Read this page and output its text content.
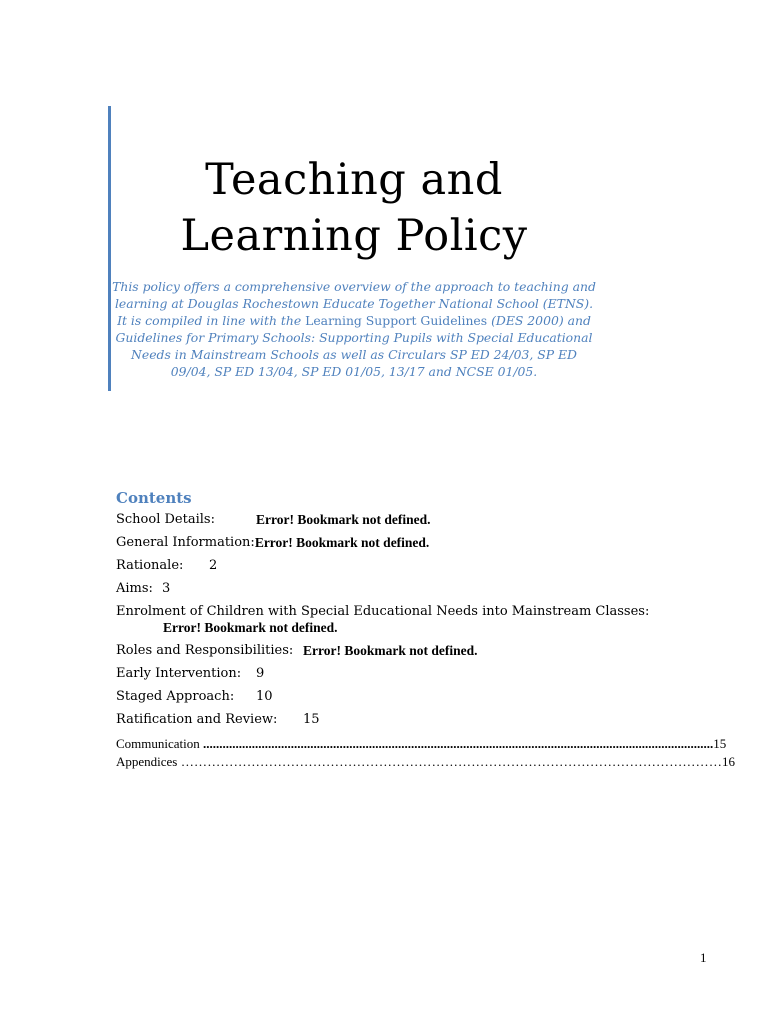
Teaching and
Learning Policy
This policy offers a comprehensive overview of the approach to teaching and learning at Douglas Rochestown Educate Together National School (ETNS). It is compiled in line with the Learning Support Guidelines (DES 2000) and Guidelines for Primary Schools: Supporting Pupils with Special Educational Needs in Mainstream Schools as well as Circulars SP ED 24/03, SP ED 09/04, SP ED 13/04, SP ED 01/05, 13/17 and NCSE 01/05.
Contents
School Details:	Error! Bookmark not defined.
General Information: Error! Bookmark not defined.
Rationale:	2
Aims: 3
Enrolment of Children with Special Educational Needs into Mainstream Classes:
Error! Bookmark not defined.
Roles and Responsibilities: Error! Bookmark not defined.
Early Intervention:	9
Staged Approach:	10
Ratification and Review:	15
Communication ............................................................................................................................................................. 15
Appendices …………………………………………………………………………………………………………… 16
1
